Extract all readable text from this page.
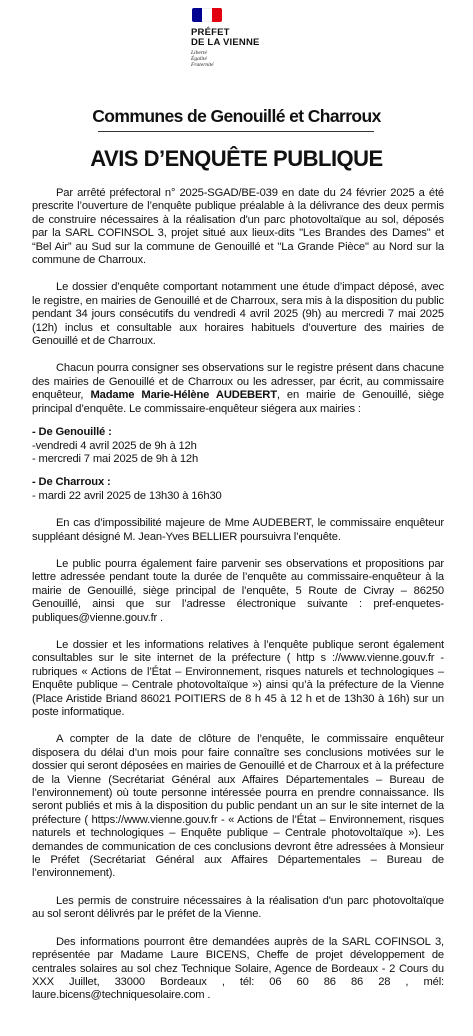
PRÉFET
DE LA VIENNE
Liberté
Égalité
Fraternité
Communes de Genouillé et Charroux
AVIS D’ENQUÊTE PUBLIQUE

Par arrêté préfectoral n° 2025-SGAD/BE-039 en date du 24 février 2025 a été prescrite l’ouverture de l’enquête publique préalable à la délivrance des deux permis de construire nécessaires à la réalisation d'un parc photovoltaïque au sol, déposés par la SARL COFINSOL 3, projet situé aux lieux-dits "Les Brandes des Dames" et “Bel Air” au Sud sur la commune de Genouillé et "La Grande Pièce" au Nord sur la commune de Charroux.

Le dossier d’enquête comportant notamment une étude d’impact déposé, avec le registre, en mairies de Genouillé et de Charroux, sera mis à la disposition du public pendant 34 jours consécutifs du vendredi 4 avril 2025 (9h) au mercredi 7 mai 2025 (12h) inclus et consultable aux horaires habituels d’ouverture des mairies de Genouillé et de Charroux.

Chacun pourra consigner ses observations sur le registre présent dans chacune des mairies de Genouillé et de Charroux ou les adresser, par écrit, au commissaire enquêteur, Madame Marie-Hélène AUDEBERT, en mairie de Genouillé, siège principal d’enquête. Le commissaire-enquêteur siégera aux mairies :

- De Genouillé :
-vendredi 4 avril 2025 de 9h à 12h
- mercredi 7 mai 2025 de 9h à 12h
- De Charroux :
- mardi 22 avril 2025 de 13h30 à 16h30

En cas d’impossibilité majeure de Mme AUDEBERT, le commissaire enquêteur suppléant désigné M. Jean-Yves BELLIER poursuivra l’enquête.

Le public pourra également faire parvenir ses observations et propositions par lettre adressée pendant toute la durée de l’enquête au commissaire-enquêteur à la mairie de Genouillé, siège principal de l’enquête, 5 Route de Civray – 86250 Genouillé, ainsi que sur l’adresse électronique suivante : pref-enquetes-publiques@vienne.gouv.fr .

Le dossier et les informations relatives à l’enquête publique seront également consultables sur le site internet de la préfecture ( http s ://www.vienne.gouv.fr - rubriques « Actions de l’État – Environnement, risques naturels et technologiques – Enquête publique – Centrale photovoltaïque ») ainsi qu’à la préfecture de la Vienne (Place Aristide Briand 86021 POITIERS de 8 h 45 à 12 h et de 13h30 à 16h) sur un poste informatique.

A compter de la date de clôture de l’enquête, le commissaire enquêteur disposera du délai d’un mois pour faire connaître ses conclusions motivées sur le dossier qui seront déposées en mairies de Genouillé et de Charroux et à la préfecture de la Vienne (Secrétariat Général aux Affaires Départementales – Bureau de l’environnement) où toute personne intéressée pourra en prendre connaissance. Ils seront publiés et mis à la disposition du public pendant un an sur le site internet de la préfecture ( https://www.vienne.gouv.fr - « Actions de l’État – Environnement, risques naturels et technologiques – Enquête publique – Centrale photovoltaïque »). Les demandes de communication de ces conclusions devront être adressées à Monsieur le Préfet (Secrétariat Général aux Affaires Départementales – Bureau de l’environnement).

Les permis de construire nécessaires à la réalisation d'un parc photovoltaïque au sol seront délivrés par le préfet de la Vienne.

Des informations pourront être demandées auprès de la SARL COFINSOL 3, représentée par Madame Laure BICENS, Cheffe de projet développement de centrales solaires au sol chez Technique Solaire, Agence de Bordeaux - 2 Cours du XXX Juillet, 33000 Bordeaux , tél: 06 60 86 86 28 , mél: laure.bicens@techniquesolaire.com .
